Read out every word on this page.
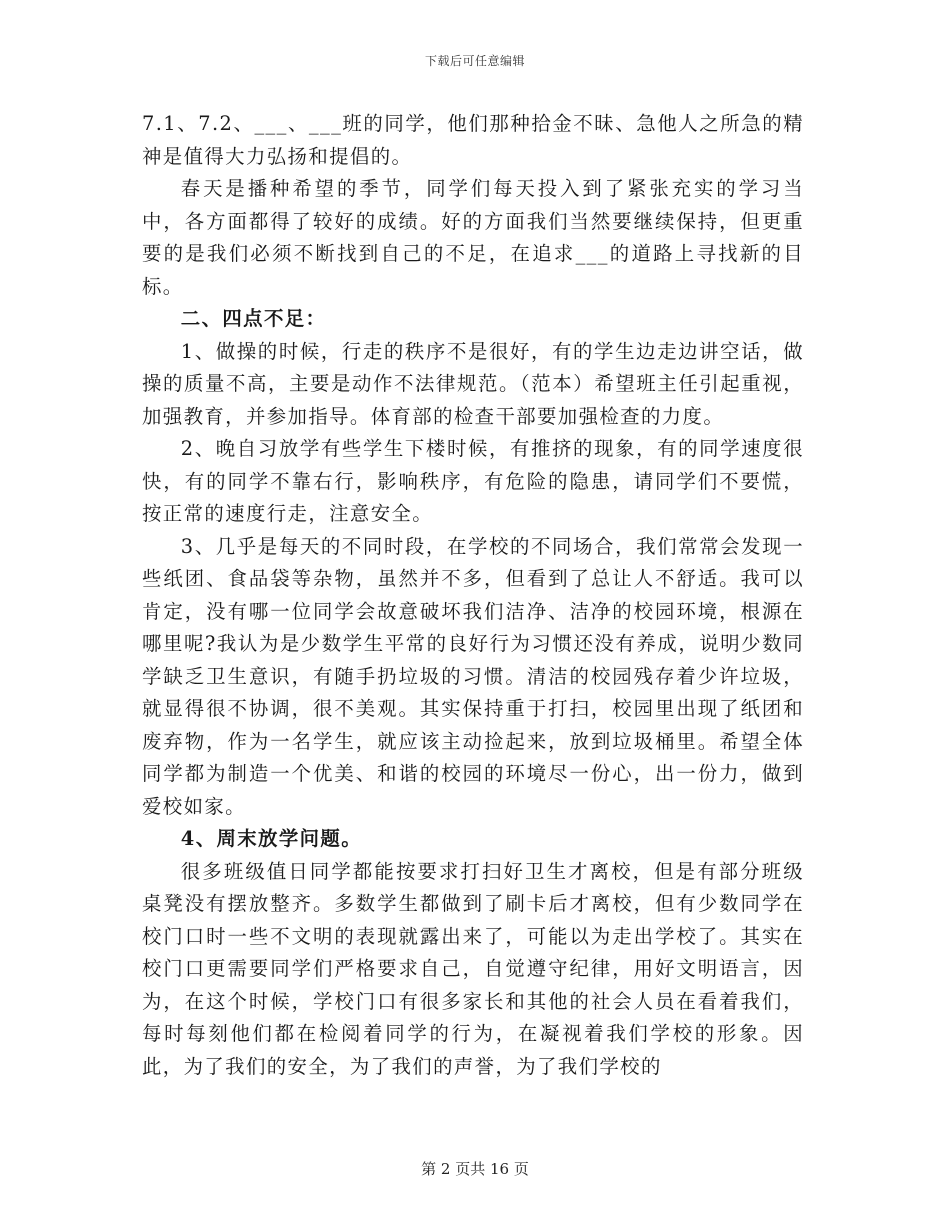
下载后可任意编辑

7.1、7.2、___、___班的同学，他们那种拾金不昧、急他人之所急的精神是值得大力弘扬和提倡的。

春天是播种希望的季节，同学们每天投入到了紧张充实的学习当中，各方面都得了较好的成绩。好的方面我们当然要继续保持，但更重要的是我们必须不断找到自己的不足，在追求___的道路上寻找新的目标。

二、四点不足：

1、做操的时候，行走的秩序不是很好，有的学生边走边讲空话，做操的质量不高，主要是动作不法律规范。（范本）希望班主任引起重视，加强教育，并参加指导。体育部的检查干部要加强检查的力度。

2、晚自习放学有些学生下楼时候，有推挤的现象，有的同学速度很快，有的同学不靠右行，影响秩序，有危险的隐患，请同学们不要慌，按正常的速度行走，注意安全。

3、几乎是每天的不同时段，在学校的不同场合，我们常常会发现一些纸团、食品袋等杂物，虽然并不多，但看到了总让人不舒适。我可以肯定，没有哪一位同学会故意破坏我们洁净、洁净的校园环境，根源在哪里呢?我认为是少数学生平常的良好行为习惯还没有养成，说明少数同学缺乏卫生意识，有随手扔垃圾的习惯。清洁的校园残存着少许垃圾，就显得很不协调，很不美观。其实保持重于打扫，校园里出现了纸团和废弃物，作为一名学生，就应该主动捡起来，放到垃圾桶里。希望全体同学都为制造一个优美、和谐的校园的环境尽一份心，出一份力，做到爱校如家。

4、周末放学问题。

很多班级值日同学都能按要求打扫好卫生才离校，但是有部分班级桌凳没有摆放整齐。多数学生都做到了刷卡后才离校，但有少数同学在校门口时一些不文明的表现就露出来了，可能以为走出学校了。其实在校门口更需要同学们严格要求自己，自觉遵守纪律，用好文明语言，因为，在这个时候，学校门口有很多家长和其他的社会人员在看着我们，每时每刻他们都在检阅着同学的行为，在凝视着我们学校的形象。因此，为了我们的安全，为了我们的声誉，为了我们学校的

第 2 页共 16 页
